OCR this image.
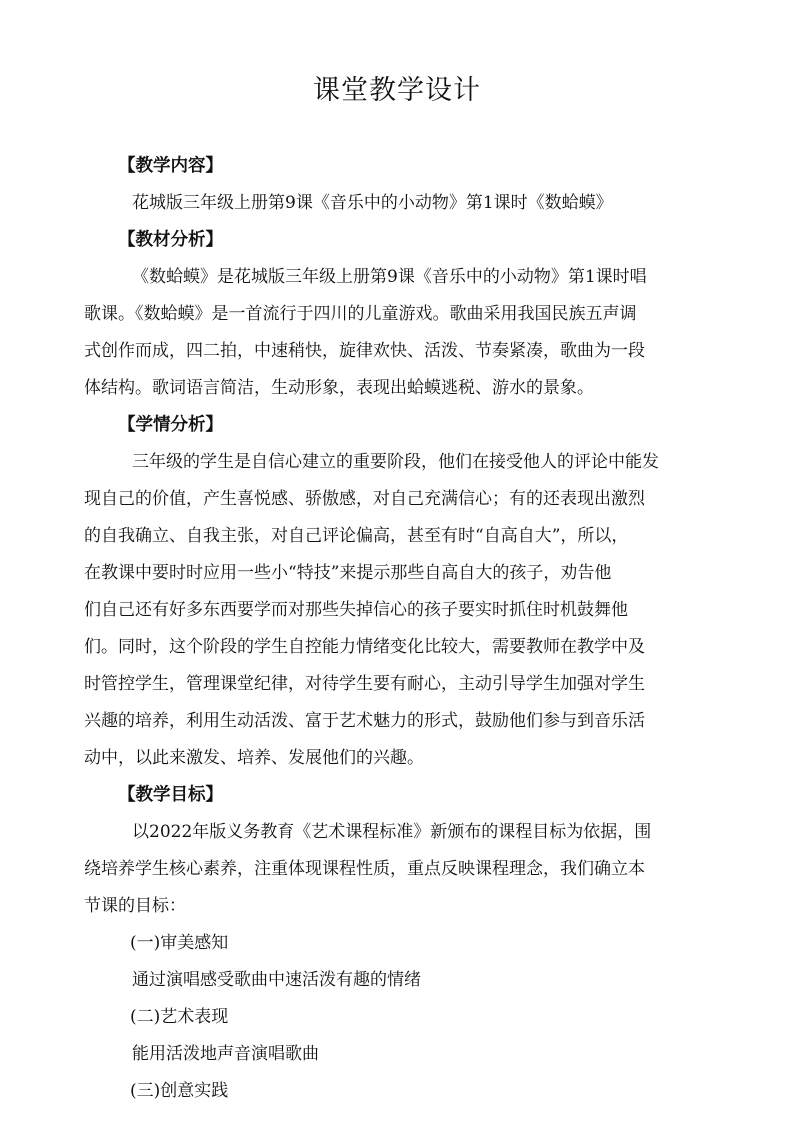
课堂教学设计
【教学内容】
花城版三年级上册第9课《音乐中的小动物》第1课时《数蛤蟆》
【教材分析】
《数蛤蟆》是花城版三年级上册第9课《音乐中的小动物》第1课时唱
歌课。《数蛤蟆》是一首流行于四川的儿童游戏。歌曲采用我国民族五声调
式创作而成，四二拍，中速稍快，旋律欢快、活泼、节奏紧凑，歌曲为一段
体结构。歌词语言简洁，生动形象，表现出蛤蟆逃税、游水的景象。
【学情分析】
三年级的学生是自信心建立的重要阶段，他们在接受他人的评论中能发
现自己的价值，产生喜悦感、骄傲感，对自己充满信心；有的还表现出激烈
的自我确立、自我主张，对自己评论偏高，甚至有时“自高自大”，所以，
在教课中要时时应用一些小“特技”来提示那些自高自大的孩子，劝告他
们自己还有好多东西要学而对那些失掉信心的孩子要实时抓住时机鼓舞他
们。同时，这个阶段的学生自控能力情绪变化比较大，需要教师在教学中及
时管控学生，管理课堂纪律，对待学生要有耐心，主动引导学生加强对学生
兴趣的培养，利用生动活泼、富于艺术魅力的形式，鼓励他们参与到音乐活
动中，以此来激发、培养、发展他们的兴趣。
【教学目标】
以2022年版义务教育《艺术课程标准》新颁布的课程目标为依据，围
绕培养学生核心素养，注重体现课程性质，重点反映课程理念，我们确立本
节课的目标：
(一)审美感知
通过演唱感受歌曲中速活泼有趣的情绪
(二)艺术表现
能用活泼地声音演唱歌曲
(三)创意实践
